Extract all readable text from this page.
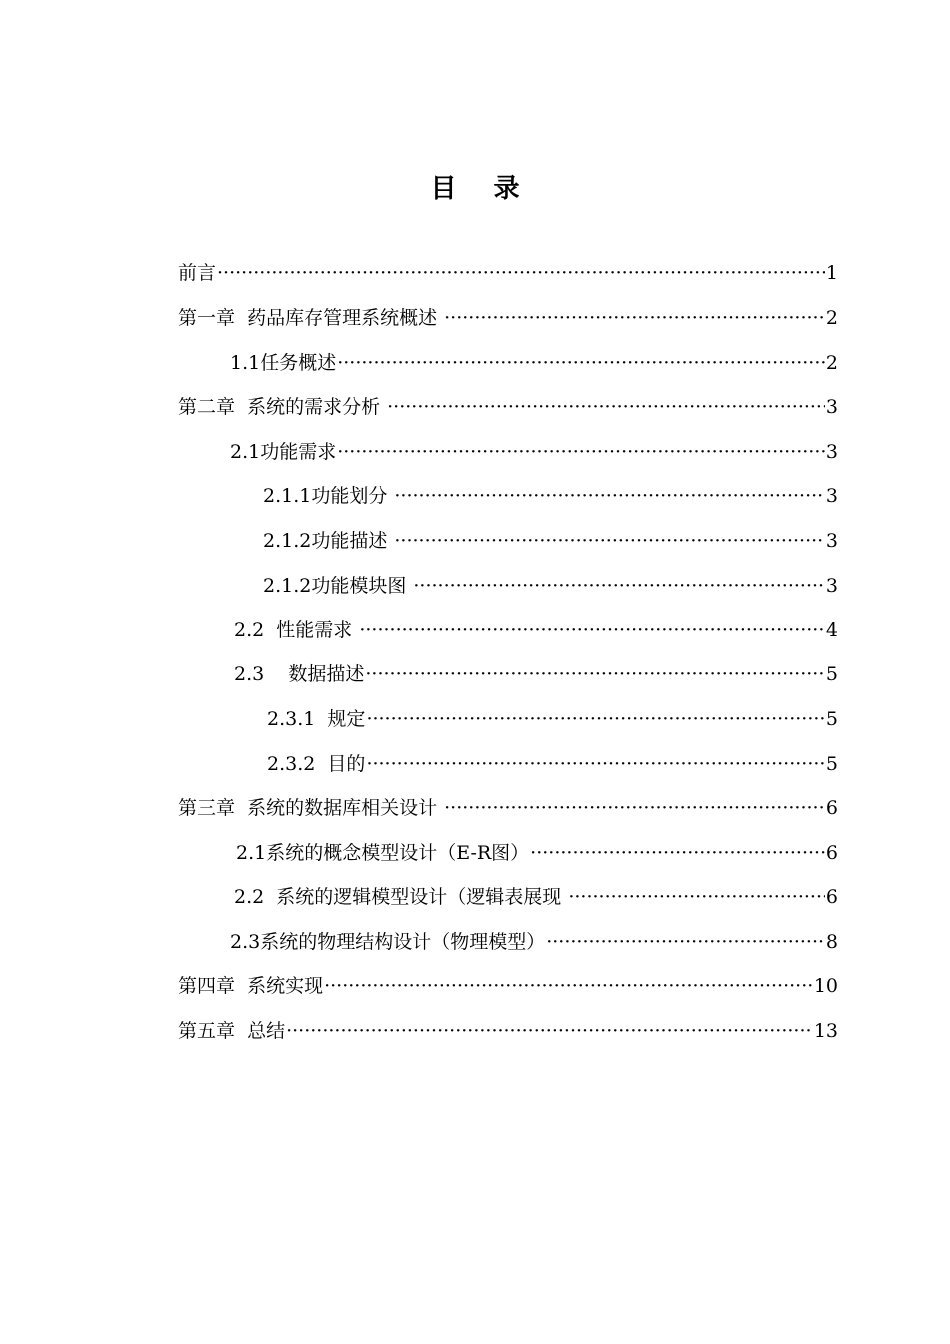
目 录
前言 ·····	1
第一章  药品库存管理系统概述 ·····	2
1.1任务概述 ·····	2
第二章  系统的需求分析 ·····	3
2.1功能需求 ·····	3
2.1.1功能划分 ·····	3
2.1.2功能描述 ·····	3
2.1.2功能模块图 ·····	3
2.2  性能需求 ·····	4
2.3    数据描述 ·····	5
2.3.1  规定 ·····	5
2.3.2  目的 ·····	5
第三章  系统的数据库相关设计 ·····	6
2.1系统的概念模型设计（E-R图） ·····	6
2.2  系统的逻辑模型设计（逻辑表展现 ·····	6
2.3系统的物理结构设计（物理模型） ·····	8
第四章  系统实现 ·····	10
第五章  总结 ·····	13
